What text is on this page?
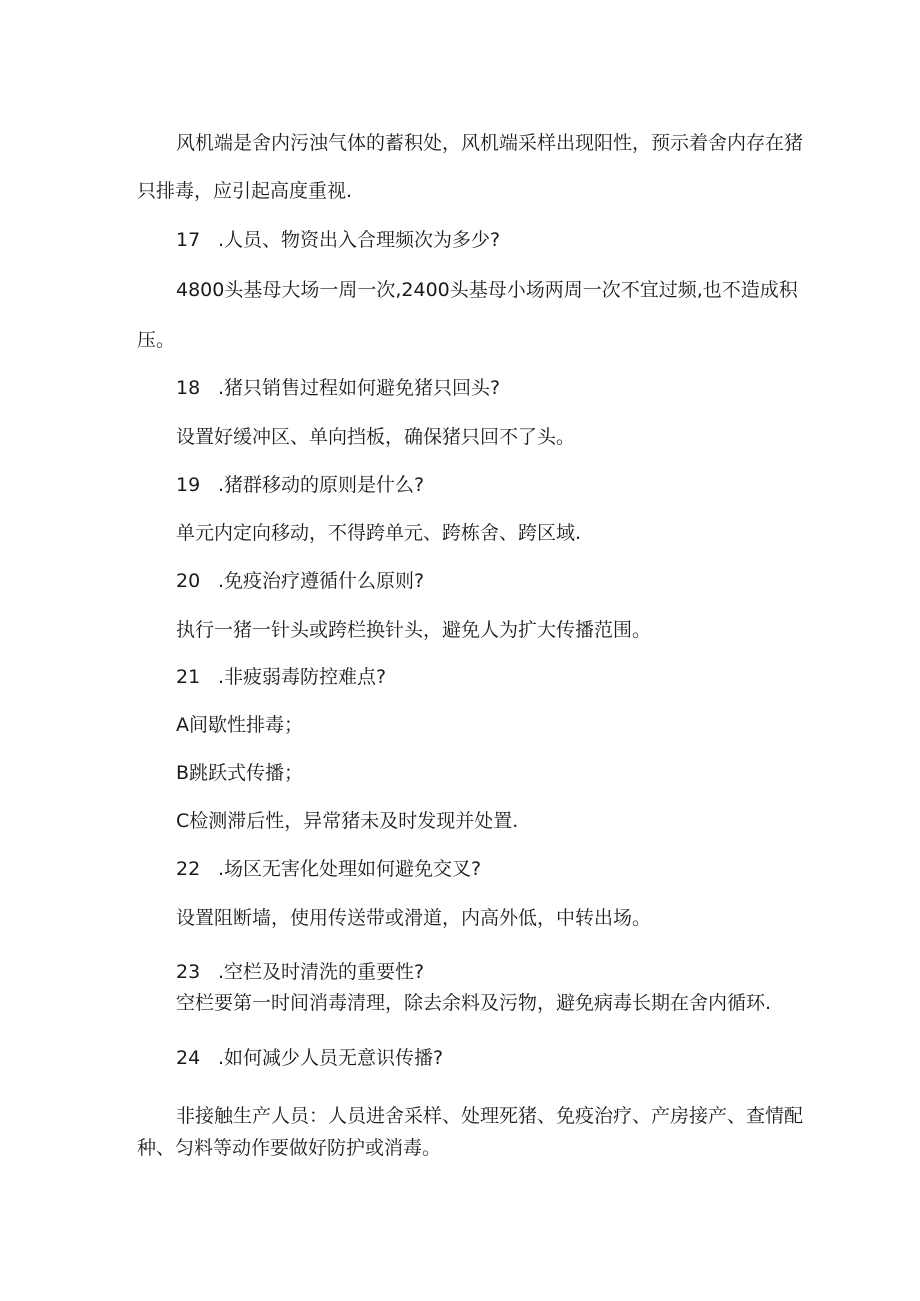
风机端是舍内污浊气体的蓄积处，风机端采样出现阳性，预示着舍内存在猪
只排毒，应引起高度重视.
17 .人员、物资出入合理频次为多少?
4800头基母大场一周一次,2400头基母小场两周一次不宜过频,也不造成积
压。
18 .猪只销售过程如何避免猪只回头?
设置好缓冲区、单向挡板，确保猪只回不了头。
19 .猪群移动的原则是什么?
单元内定向移动，不得跨单元、跨栋舍、跨区域.
20 .免疫治疗遵循什么原则?
执行一猪一针头或跨栏换针头，避免人为扩大传播范围。
21 .非疲弱毒防控难点?
A间歇性排毒；
B跳跃式传播；
C检测滞后性，异常猪未及时发现并处置.
22 .场区无害化处理如何避免交叉?
设置阻断墙，使用传送带或滑道，内高外低，中转出场。
23 .空栏及时清洗的重要性?
空栏要第一时间消毒清理，除去余料及污物，避免病毒长期在舍内循环.
24 .如何减少人员无意识传播?
非接触生产人员：人员进舍采样、处理死猪、免疫治疗、产房接产、查情配
种、匀料等动作要做好防护或消毒。
